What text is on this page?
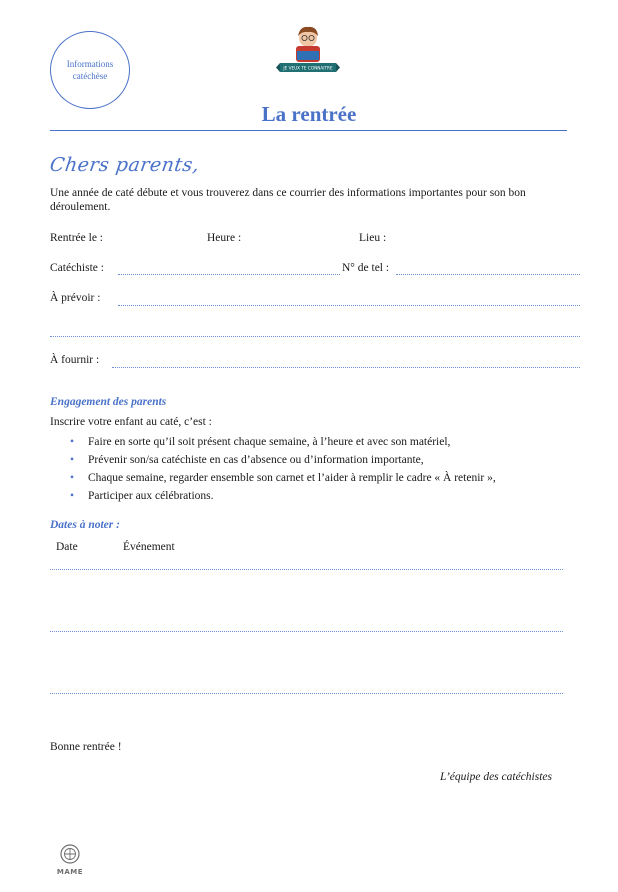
Informations
catéchèse
JE VEUX TE CONNAITRE
La rentrée
Chers parents,
Une année de caté débute et vous trouverez dans ce courrier des informations importantes pour son bon déroulement.
Rentrée le :	Heure :	Lieu :
Catéchiste :	N° de tel :
À prévoir :
À fournir :
Engagement des parents
Inscrire votre enfant au caté, c’est :
• Faire en sorte qu’il soit présent chaque semaine, à l’heure et avec son matériel,
• Prévenir son/sa catéchiste en cas d’absence ou d’information importante,
• Chaque semaine, regarder ensemble son carnet et l’aider à remplir le cadre « À retenir »,
• Participer aux célébrations.
Dates à noter :
Date	Événement
Bonne rentrée !
L’équipe des catéchistes
MAME
